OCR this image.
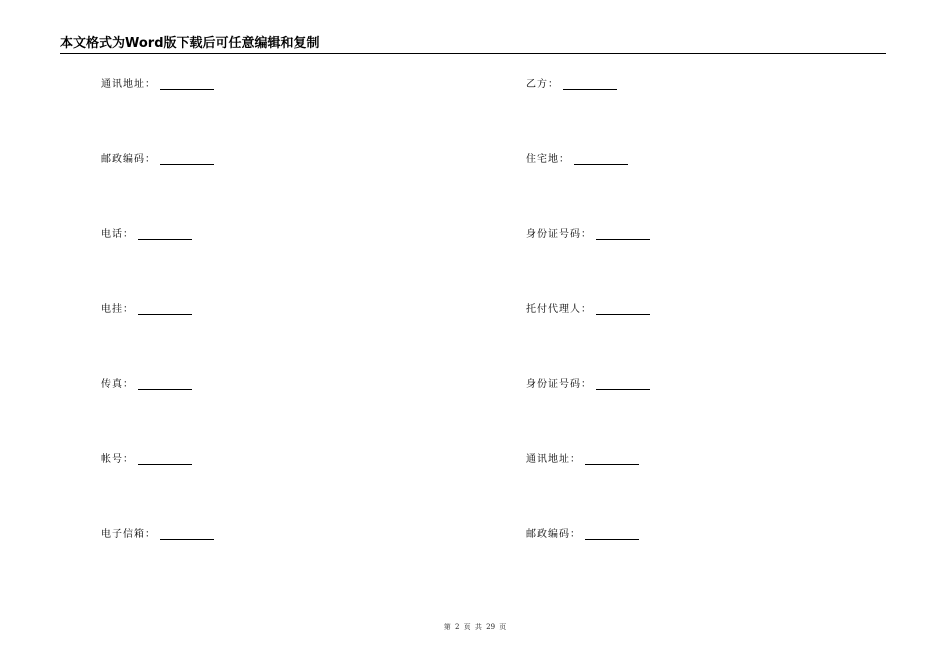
本文格式为Word版下载后可任意编辑和复制
通讯地址：
邮政编码：
电话：
电挂：
传真：
帐号：
电子信箱：
乙方：
住宅地：
身份证号码：
托付代理人：
身份证号码：
通讯地址：
邮政编码：
第 2 页 共 29 页
